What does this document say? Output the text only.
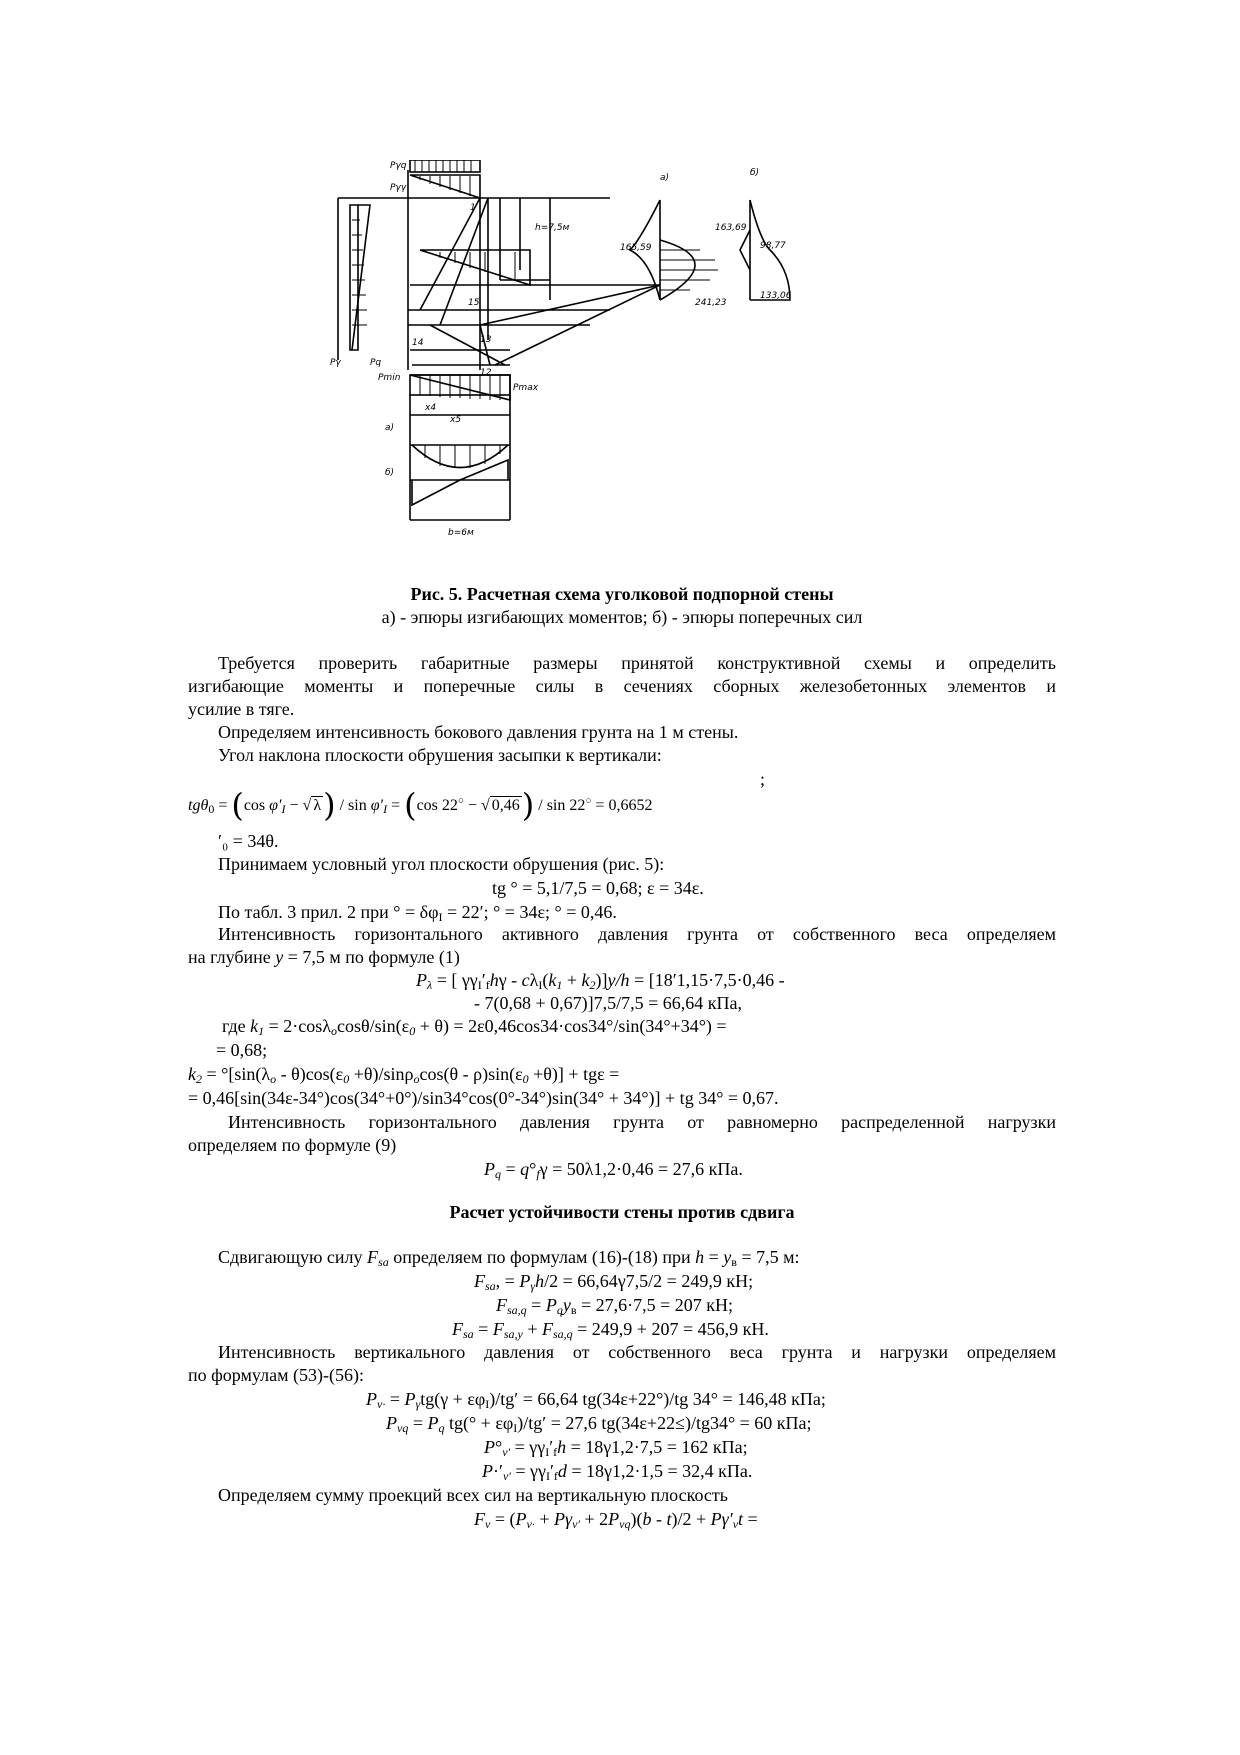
Pγq
Pγγ
Pγ	Pq
а)	б)
165,59
163,69
98,77
241,23
133,06
Pmin
Pmax
а)
б)
b=6м
h=7,5м
1
14
15
13
12
x4
x5
Рис. 5. Расчетная схема уголковой подпорной стены
а) - эпюры изгибающих моментов; б) - эпюры поперечных сил
Требуется проверить габаритные размеры принятой конструктивной схемы и определить
изгибающие моменты и поперечные силы в сечениях сборных железобетонных элементов и
усилие в тяге.
Определяем интенсивность бокового давления грунта на 1 м стены.
Угол наклона плоскости обрушения засыпки к вертикали:
;
tgθ$_0$ = (cos $\varphi'_I$ − √ $\lambda) / \sin \varphi'_I = (\cos$ 22○ − √ 0,46) / sin 22○ = 0,6652
′₀ = 34θ.
Принимаем условный угол плоскости обрушения (рис. 5):
tg ° = 5,1/7,5 = 0,68; ε = 34ε.
По табл. 3 прил. 2 при ° = $\delta\varphi_I = 22'$; ° = 34ε; ° = 0,46.
Интенсивность горизонтального активного давления грунта от собственного веса определяем
на глубине y = 7,5 м по формуле (1)
$P_\lambda$ = [ $\gamma\gamma_I'_fh\gamma - c\lambda_I(k_1 + k_2)]y/h = [18'1,15\cdot 7,5\cdot 0,46$ -
- 7(0,68 + 0,67)]7,5/7,5 = 66,64 кПа,
где $k_1 = 2\cdot\cos\lambda_o\cos\theta/\sin(\varepsilon_0 + \theta) = 2\varepsilon 0,46\cos 34\cdot\cos 34^\circ/\sin(34^\circ+34^\circ)$ =
= 0,68;
$k_2 = ^\circ[\sin(\lambda_o - \theta)\cos(\varepsilon_0 +\theta)/\sin\rho_o\cos(\theta - \rho)\sin(\varepsilon_0 +\theta)] + tg\varepsilon$ =
= 0,46[sin(34ε-34°)cos(34°+0°)/sin34°cos(0°-34°)sin(34° + 34°)] + tg 34° = 0,67.
Интенсивность горизонтального давления грунта от равномерно распределенной нагрузки
определяем по формуле (9)
$P_q = q^\circ_f\gamma = 50\lambda 1,2\cdot 0,46 = 27,6$ кПа.
Расчет устойчивости стены против сдвига
Сдвигающую силу $F_{sa}$ определяем по формулам (16)-(18) при $h = y_в = 7,5$ м:
$F_{sa}$, = $P_\gamma h/2 = 66,64\gamma 7,5/2 = 249,9$ кН;
$F_{sa,q} = P_qy_в = 27,6\cdot 7,5 = 207$ кН;
$F_{sa} = F_{sa,y} + F_{sa,q} = 249,9 + 207 = 456,9$ кН.
Интенсивность вертикального давления от собственного веса грунта и нагрузки определяем
по формулам (53)-(56):
$P_{v\cdot} = P_\gamma tg(\gamma + \varepsilon\varphi_I)/tg' = 66,64$ tg(34ε+22°)/tg 34° = 146,48 кПа;
$P_{vq} = P_q$ $tg(^\circ + \varepsilon\varphi_I)/tg' = 27,6$ tg(34ε+22≤)/tg34° = 60 кПа;
$P^\circ_{v'} = \gamma\gamma_I'_fh = 18\gamma 1,2\cdot 7,5 = 162$ кПа;
$P\cdot'_{v'} = \gamma\gamma_I'_fd = 18\gamma 1,2\cdot 1,5 = 32,4$ кПа.
Определяем сумму проекций всех сил на вертикальную плоскость
$F_v = (P_{v\cdot} + P\gamma_{v'} + 2P_{vq})(b - t)/2 + P\gamma'_vt$ =
